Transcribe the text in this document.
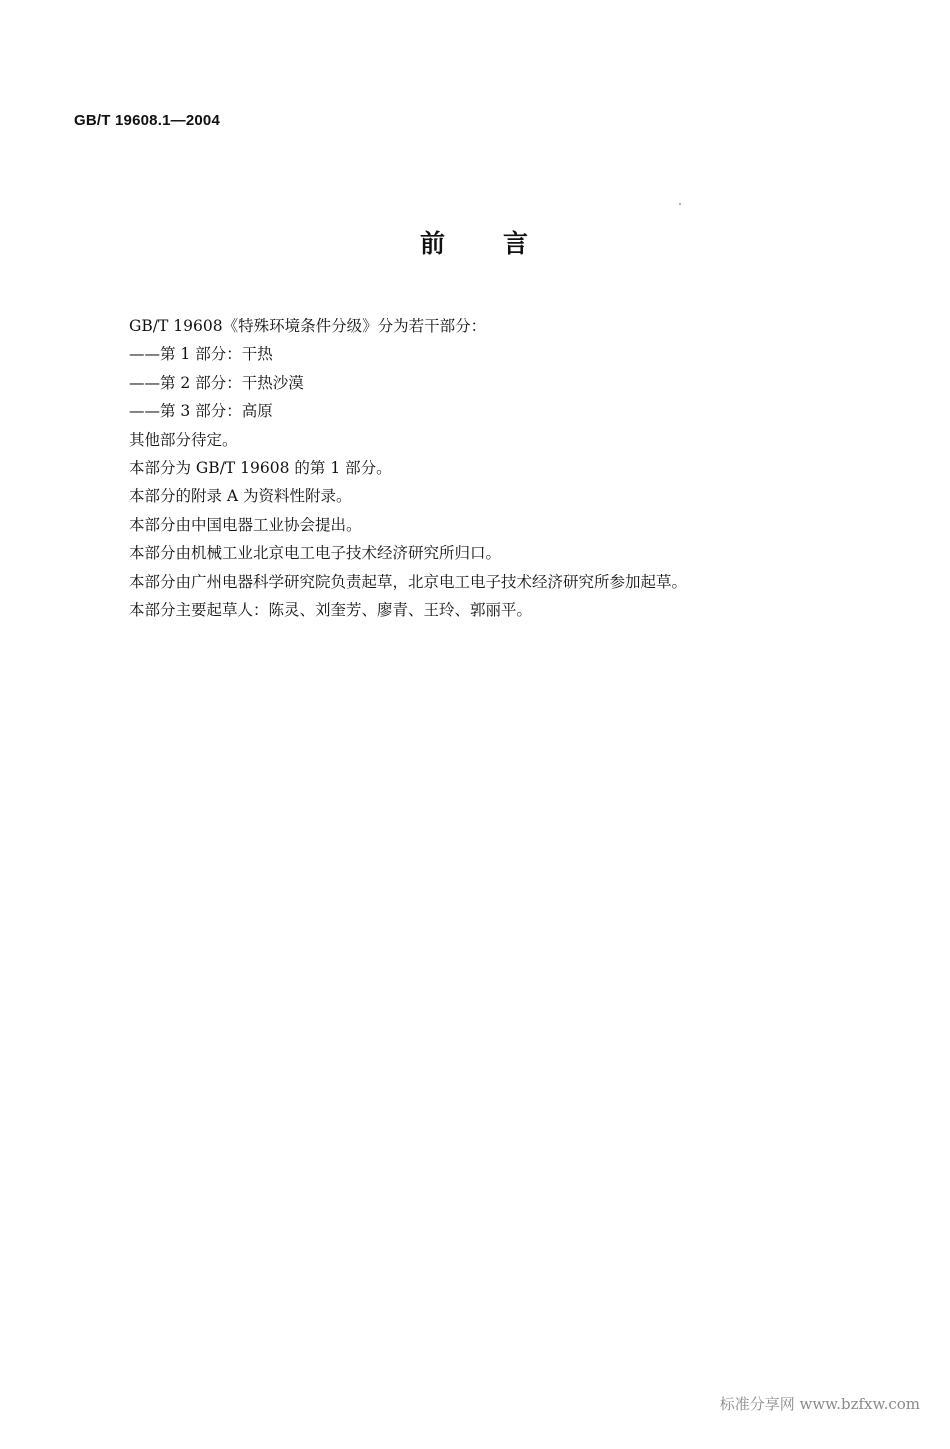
GB/T 19608.1—2004
前 言
GB/T 19608《特殊环境条件分级》分为若干部分：
——第 1 部分：干热
——第 2 部分：干热沙漠
——第 3 部分：高原
其他部分待定。
本部分为 GB/T 19608 的第 1 部分。
本部分的附录 A 为资料性附录。
本部分由中国电器工业协会提出。
本部分由机械工业北京电工电子技术经济研究所归口。
本部分由广州电器科学研究院负责起草，北京电工电子技术经济研究所参加起草。
本部分主要起草人：陈灵、刘奎芳、廖青、王玲、郭丽平。
标准分享网 www.bzfxw.com
